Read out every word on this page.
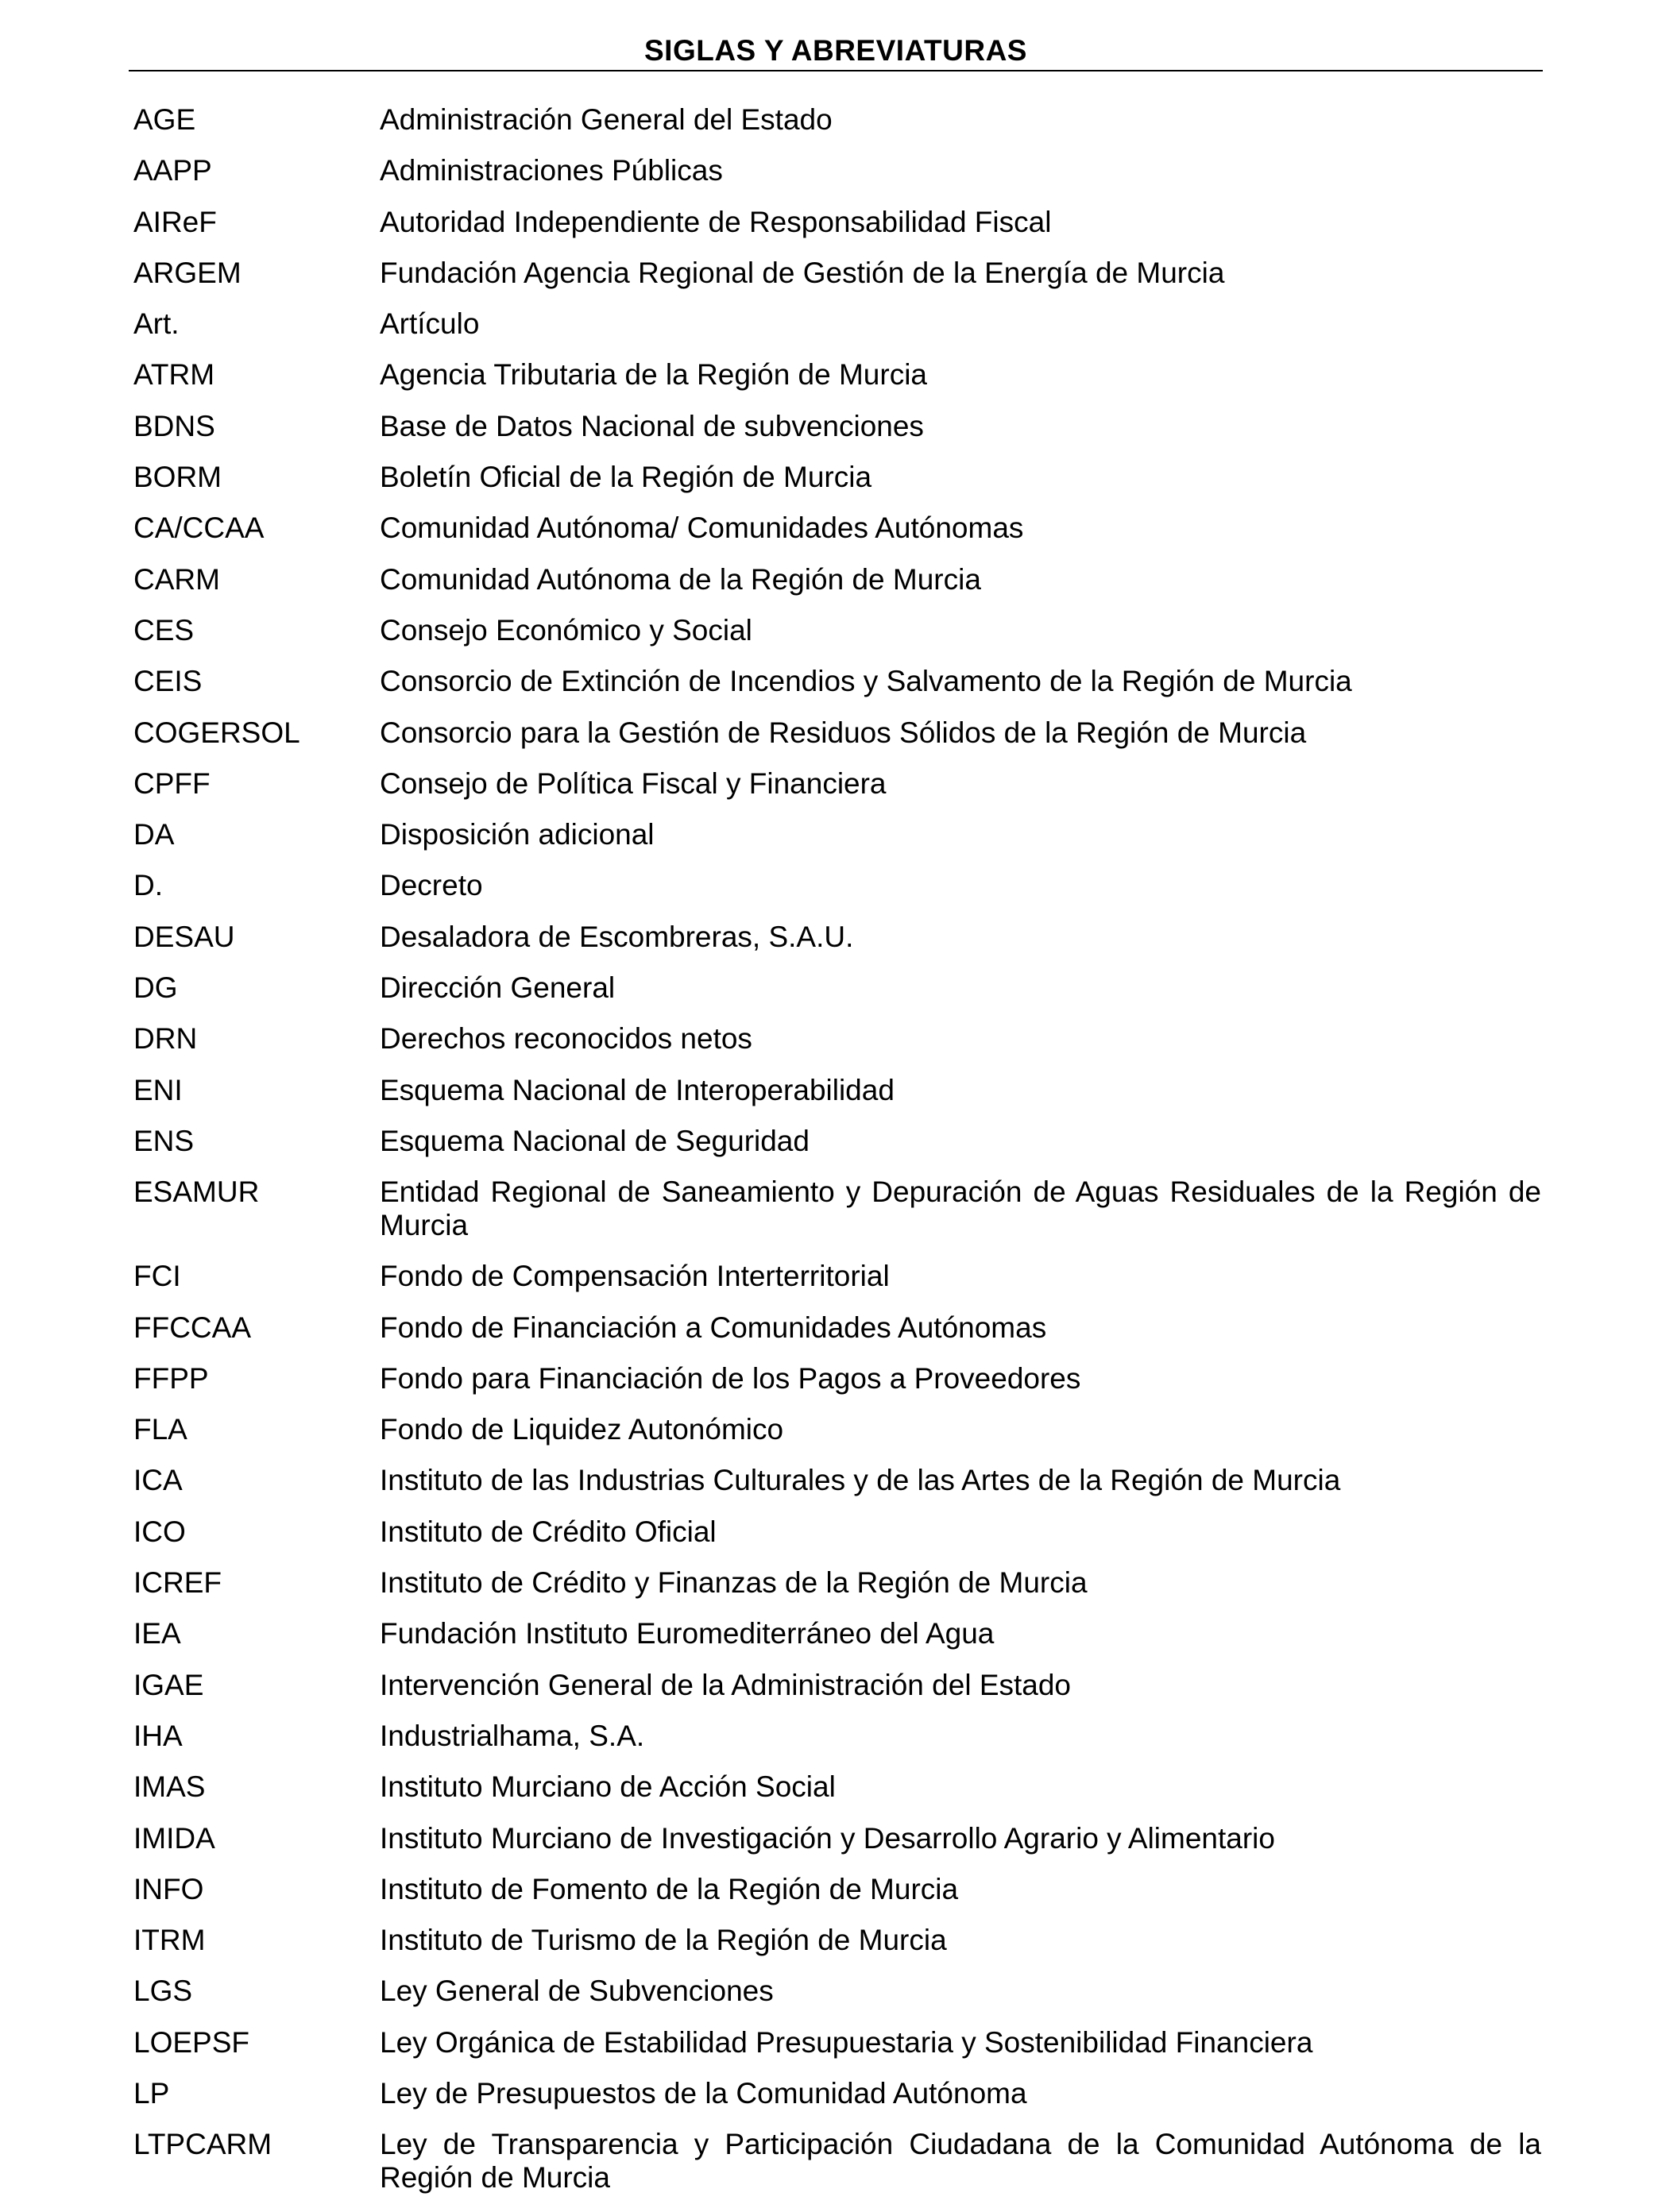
SIGLAS Y ABREVIATURAS
AGE	Administración General del Estado
AAPP	Administraciones Públicas
AIReF	Autoridad Independiente de Responsabilidad Fiscal
ARGEM	Fundación Agencia Regional de Gestión de la Energía de Murcia
Art.	Artículo
ATRM	Agencia Tributaria de la Región de Murcia
BDNS	Base de Datos Nacional de subvenciones
BORM	Boletín Oficial de la Región de Murcia
CA/CCAA	Comunidad Autónoma/ Comunidades Autónomas
CARM	Comunidad Autónoma de la Región de Murcia
CES	Consejo Económico y Social
CEIS	Consorcio de Extinción de Incendios y Salvamento de la Región de Murcia
COGERSOL	Consorcio para la Gestión de Residuos Sólidos de la Región de Murcia
CPFF	Consejo de Política Fiscal y Financiera
DA	Disposición adicional
D.	Decreto
DESAU	Desaladora de Escombreras, S.A.U.
DG	Dirección General
DRN	Derechos reconocidos netos
ENI	Esquema Nacional de Interoperabilidad
ENS	Esquema Nacional de Seguridad
ESAMUR	Entidad Regional de Saneamiento y Depuración de Aguas Residuales de la Región de Murcia
FCI	Fondo de Compensación Interterritorial
FFCCAA	Fondo de Financiación a Comunidades Autónomas
FFPP	Fondo para Financiación de los Pagos a Proveedores
FLA	Fondo de Liquidez Autonómico
ICA	Instituto de las Industrias Culturales y de las Artes de la Región de Murcia
ICO	Instituto de Crédito Oficial
ICREF	Instituto de Crédito y Finanzas de la Región de Murcia
IEA	Fundación Instituto Euromediterráneo del Agua
IGAE	Intervención General de la Administración del Estado
IHA	Industrialhama, S.A.
IMAS	Instituto Murciano de Acción Social
IMIDA	Instituto Murciano de Investigación y Desarrollo Agrario y Alimentario
INFO	Instituto de Fomento de la Región de Murcia
ITRM	Instituto de Turismo de la Región de Murcia
LGS	Ley General de Subvenciones
LOEPSF	Ley Orgánica de Estabilidad Presupuestaria y Sostenibilidad Financiera
LP	Ley de Presupuestos de la Comunidad Autónoma
LTPCARM	Ley de Transparencia y Participación Ciudadana de la Comunidad Autónoma de la Región de Murcia
